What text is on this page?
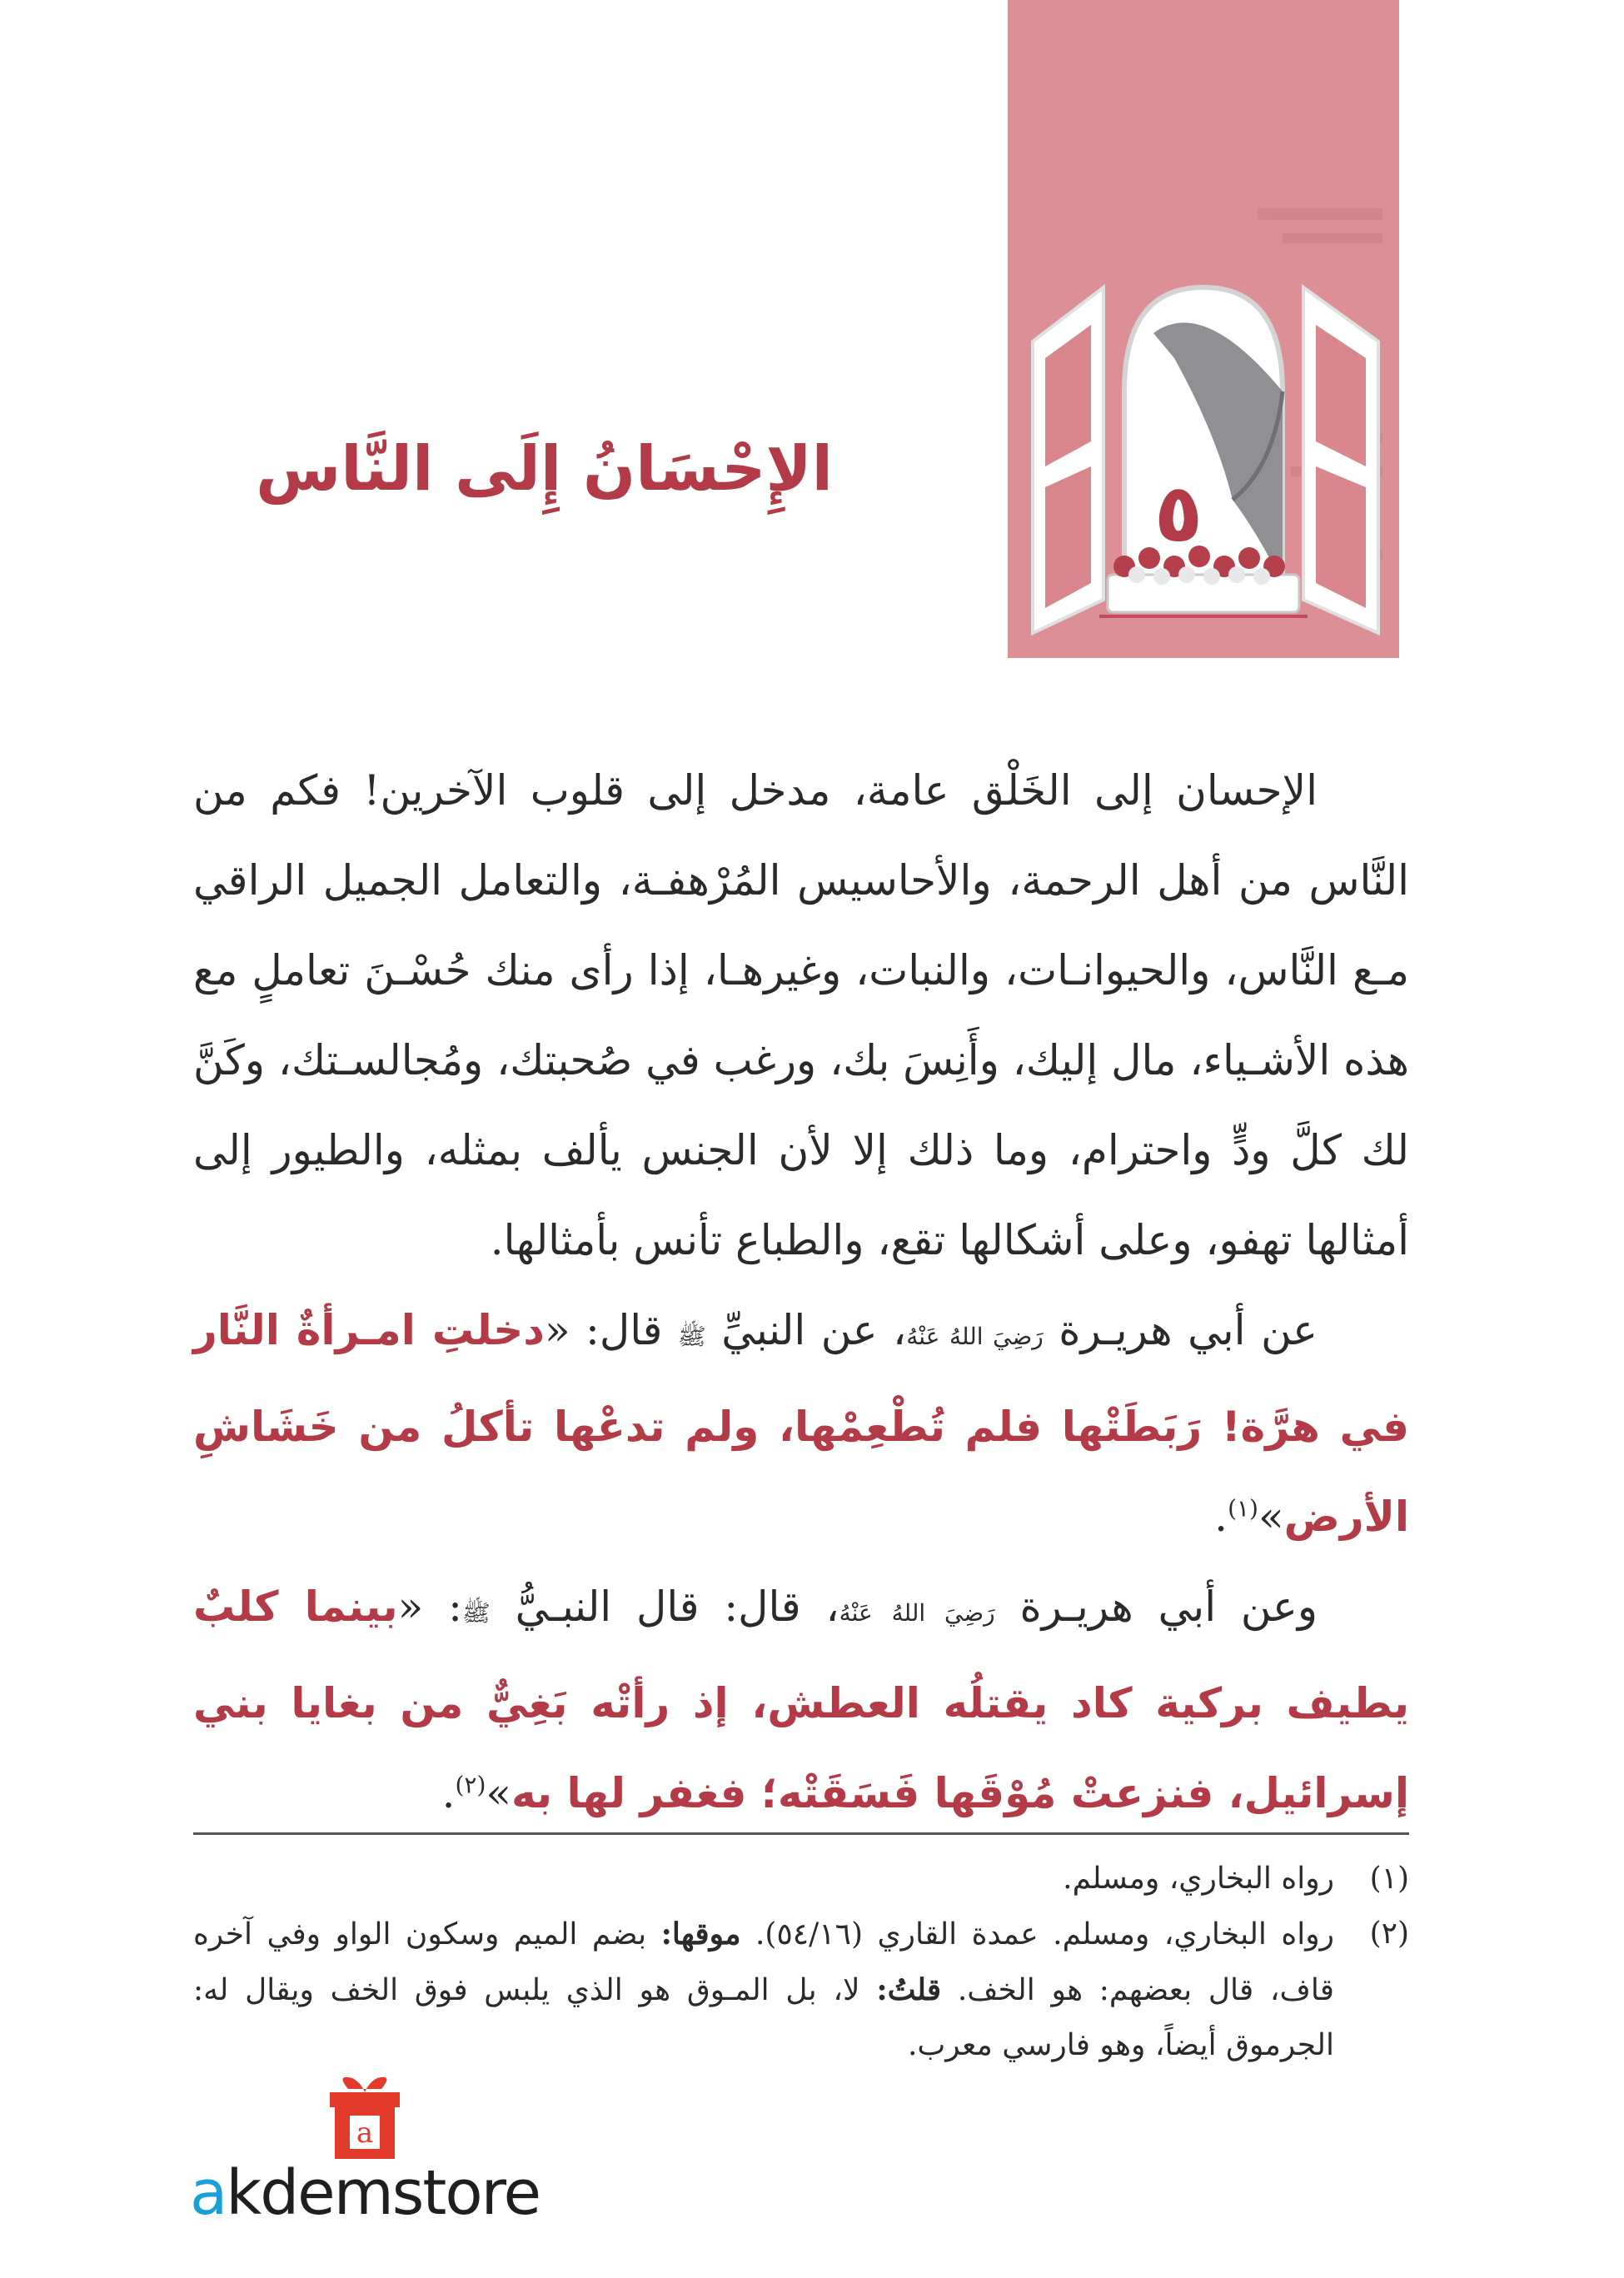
٥
الإِحْسَانُ إِلَى النَّاس

الإحسان إلى الخَلْق عامة، مدخل إلى قلوب الآخرين! فكم من النَّاس من أهل الرحمة، والأحاسيس المُرْهفـة، والتعامل الجميل الراقي مـع النَّاس، والحيوانـات، والنبات، وغيرهـا، إذا رأى منك حُسْـنَ تعاملٍ مع هذه الأشـياء، مال إليك، وأَنِسَ بك، ورغب في صُحبتك، ومُجالسـتك، وكَنَّ لك كلَّ ودٍّ واحترام، وما ذلك إلا لأن الجنس يألف بمثله، والطيور إلى أمثالها تهفو، وعلى أشكالها تقع، والطباع تأنس بأمثالها.

عن أبي هريـرة رَضِيَ اللهُ عَنْهُ، عن النبيِّ ﷺ قال: «دخلتِ امـرأةٌ النَّار في هرَّة! رَبَطَتْها فلم تُطْعِمْها، ولم تدعْها تأكلُ من خَشَاشِ الأرض»$^{(١)}$.

وعن أبي هريـرة رَضِيَ اللهُ عَنْهُ، قال: قال النبـيُّ ﷺ: «بينما كلبٌ يطيف بركية كاد يقتلُه العطش، إذ رأتْه بَغِيٌّ من بغايا بني إسرائيل، فنزعتْ مُوْقَها فَسَقَتْه؛ فغفر لها به»$^{(٢)}$.

(١)
رواه البخاري، ومسلم.
(٢)
رواه البخاري، ومسلم. عمدة القاري (٥٤/١٦). موقها: بضم الميم وسكون الواو وفي آخره قاف، قال بعضهم: هو الخف. قلتُ: لا، بل المـوق هو الذي يلبس فوق الخف ويقال له: الجرموق أيضاً، وهو فارسي معرب.
a
akdemstore
